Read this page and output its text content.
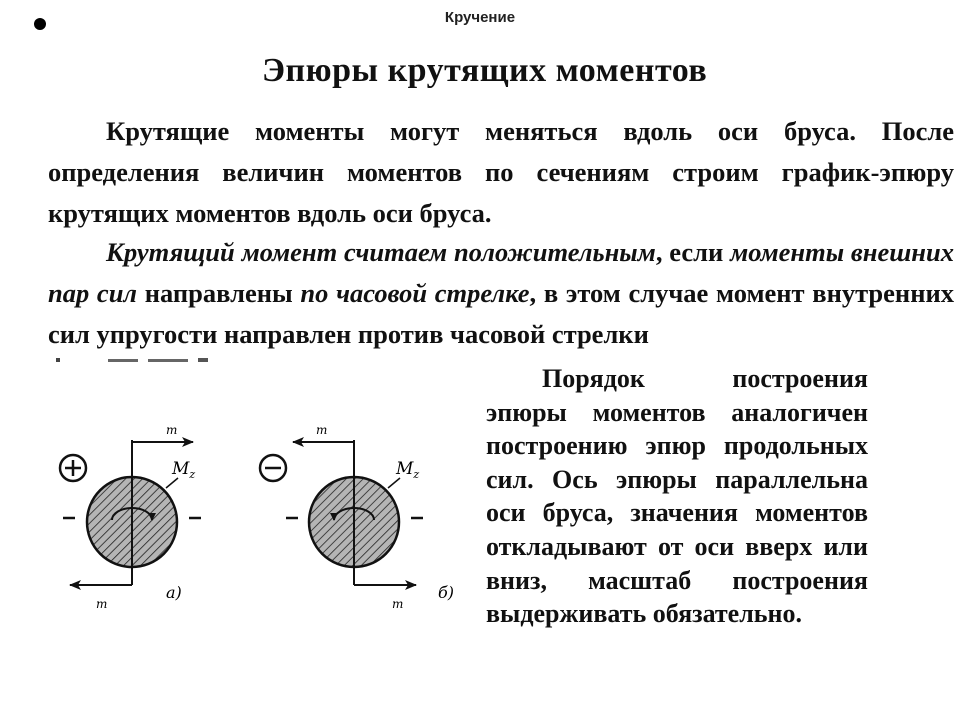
Кручение
Эпюры крутящих моментов
Крутящие моменты могут меняться вдоль оси бруса. После определения величин моментов по сечениям строим график-эпюру крутящих моментов вдоль оси бруса.
Крутящий момент считаем положительным, если моменты внешних пар сил направлены по часовой стрелке, в этом случае момент внутренних сил упругости направлен против часовой стрелки
$M_z$
m
m
а)
$M_z$
m
m
б)
Порядок построения эпюры моментов аналогичен построению эпюр продольных сил. Ось эпюры параллельна оси бруса, значения моментов откладывают от оси вверх или вниз, масштаб построения выдерживать обязательно.
